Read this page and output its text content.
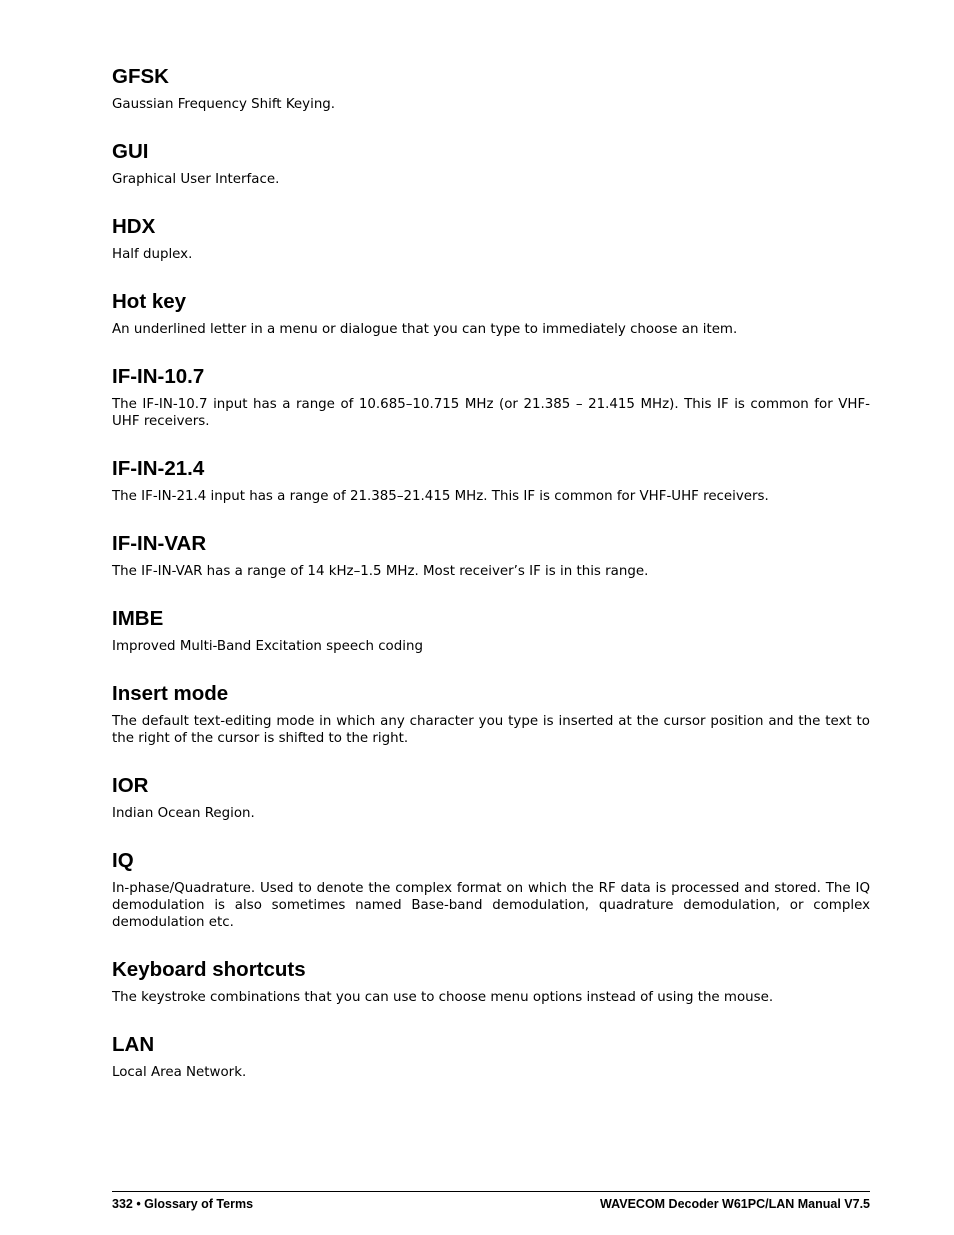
GFSK

Gaussian Frequency Shift Keying.

GUI

Graphical User Interface.

HDX

Half duplex.

Hot key

An underlined letter in a menu or dialogue that you can type to immediately choose an item.

IF-IN-10.7

The IF-IN-10.7 input has a range of 10.685–10.715 MHz (or 21.385 – 21.415 MHz). This IF is common for VHF-UHF receivers.

IF-IN-21.4

The IF-IN-21.4 input has a range of 21.385–21.415 MHz. This IF is common for VHF-UHF receivers.

IF-IN-VAR

The IF-IN-VAR has a range of 14 kHz–1.5 MHz. Most receiver’s IF is in this range.

IMBE

Improved Multi-Band Excitation speech coding

Insert mode

The default text-editing mode in which any character you type is inserted at the cursor position and the text to the right of the cursor is shifted to the right.

IOR

Indian Ocean Region.

IQ

In-phase/Quadrature. Used to denote the complex format on which the RF data is processed and stored. The IQ demodulation is also sometimes named Base-band demodulation, quadrature demodulation, or complex demodulation etc.

Keyboard shortcuts

The keystroke combinations that you can use to choose menu options instead of using the mouse.

LAN

Local Area Network.

332 • Glossary of Terms	WAVECOM Decoder W61PC/LAN Manual V7.5
